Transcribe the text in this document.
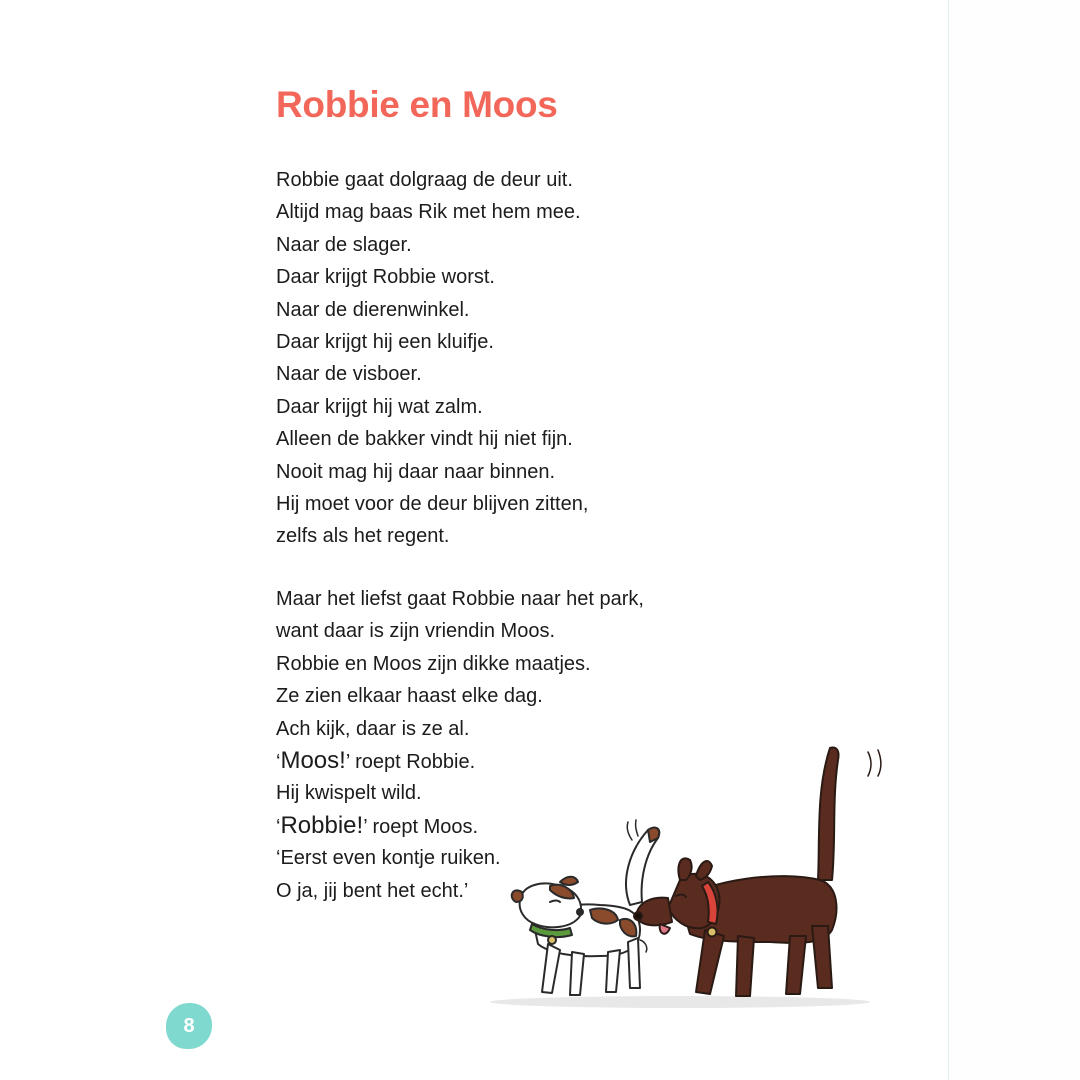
Robbie en Moos
Robbie gaat dolgraag de deur uit.
Altijd mag baas Rik met hem mee.
Naar de slager.
Daar krijgt Robbie worst.
Naar de dierenwinkel.
Daar krijgt hij een kluifje.
Naar de visboer.
Daar krijgt hij wat zalm.
Alleen de bakker vindt hij niet fijn.
Nooit mag hij daar naar binnen.
Hij moet voor de deur blijven zitten,
zelfs als het regent.
Maar het liefst gaat Robbie naar het park,
want daar is zijn vriendin Moos.
Robbie en Moos zijn dikke maatjes.
Ze zien elkaar haast elke dag.
Ach kijk, daar is ze al.
‘Moos!’ roept Robbie.
Hij kwispelt wild.
‘Robbie!’ roept Moos.
‘Eerst even kontje ruiken.
O ja, jij bent het echt.’
8
